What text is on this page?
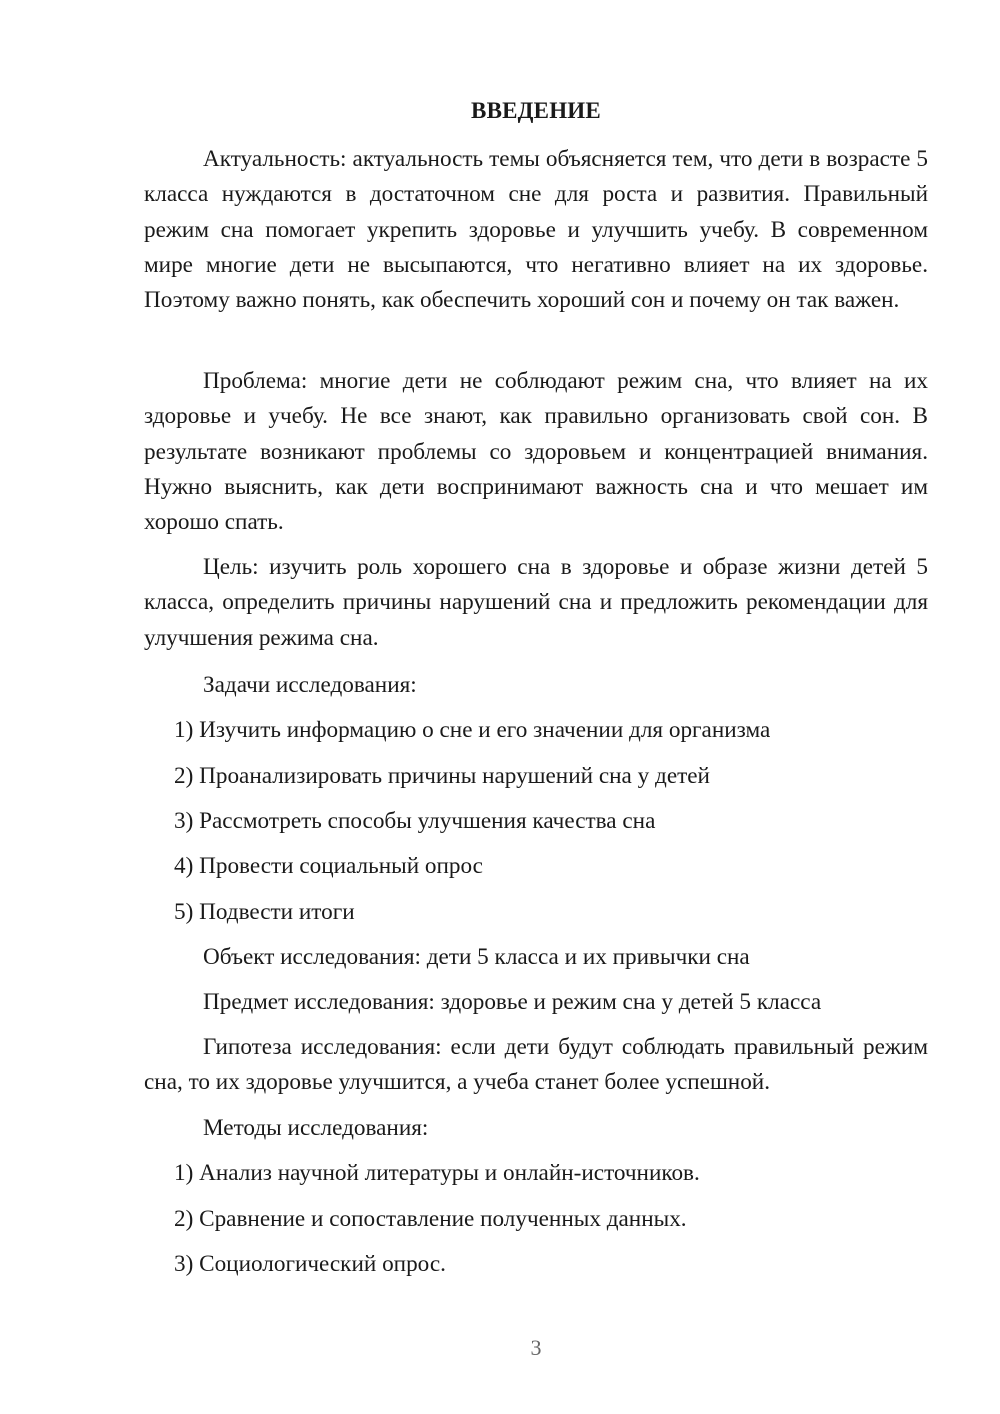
ВВЕДЕНИЕ
Актуальность: актуальность темы объясняется тем, что дети в возрасте 5 класса нуждаются в достаточном сне для роста и развития. Правильный режим сна помогает укрепить здоровье и улучшить учебу. В современном мире многие дети не высыпаются, что негативно влияет на их здоровье. Поэтому важно понять, как обеспечить хороший сон и почему он так важен.
Проблема: многие дети не соблюдают режим сна, что влияет на их здоровье и учебу. Не все знают, как правильно организовать свой сон. В результате возникают проблемы со здоровьем и концентрацией внимания. Нужно выяснить, как дети воспринимают важность сна и что мешает им хорошо спать.
Цель: изучить роль хорошего сна в здоровье и образе жизни детей 5 класса, определить причины нарушений сна и предложить рекомендации для улучшения режима сна.
Задачи исследования:
1) Изучить информацию о сне и его значении для организма
2) Проанализировать причины нарушений сна у детей
3) Рассмотреть способы улучшения качества сна
4) Провести социальный опрос
5) Подвести итоги
Объект исследования: дети 5 класса и их привычки сна
Предмет исследования: здоровье и режим сна у детей 5 класса
Гипотеза исследования: если дети будут соблюдать правильный режим сна, то их здоровье улучшится, а учеба станет более успешной.
Методы исследования:
1) Анализ научной литературы и онлайн-источников.
2) Сравнение и сопоставление полученных данных.
3) Социологический опрос.
3
